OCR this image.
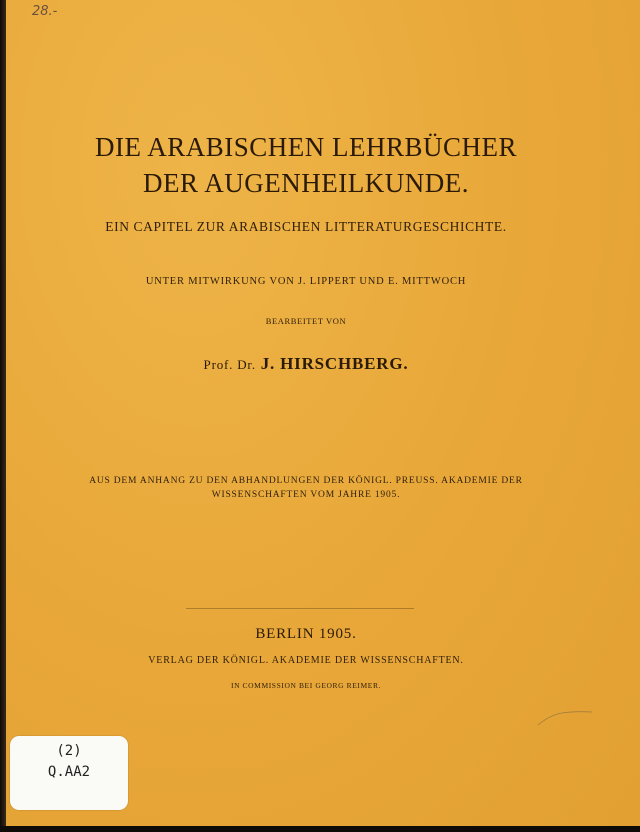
28.-
DIE ARABISCHEN LEHRBÜCHER
DER AUGENHEILKUNDE.
EIN CAPITEL ZUR ARABISCHEN LITTERATURGESCHICHTE.
UNTER MITWIRKUNG VON J. LIPPERT UND E. MITTWOCH
BEARBEITET VON
Prof. Dr. J. HIRSCHBERG.
AUS DEM ANHANG ZU DEN ABHANDLUNGEN DER KÖNIGL. PREUSS. AKADEMIE DER
WISSENSCHAFTEN VOM JAHRE 1905.
BERLIN 1905.
VERLAG DER KÖNIGL. AKADEMIE DER WISSENSCHAFTEN.
IN COMMISSION BEI GEORG REIMER.
(2)
Q.AA2
